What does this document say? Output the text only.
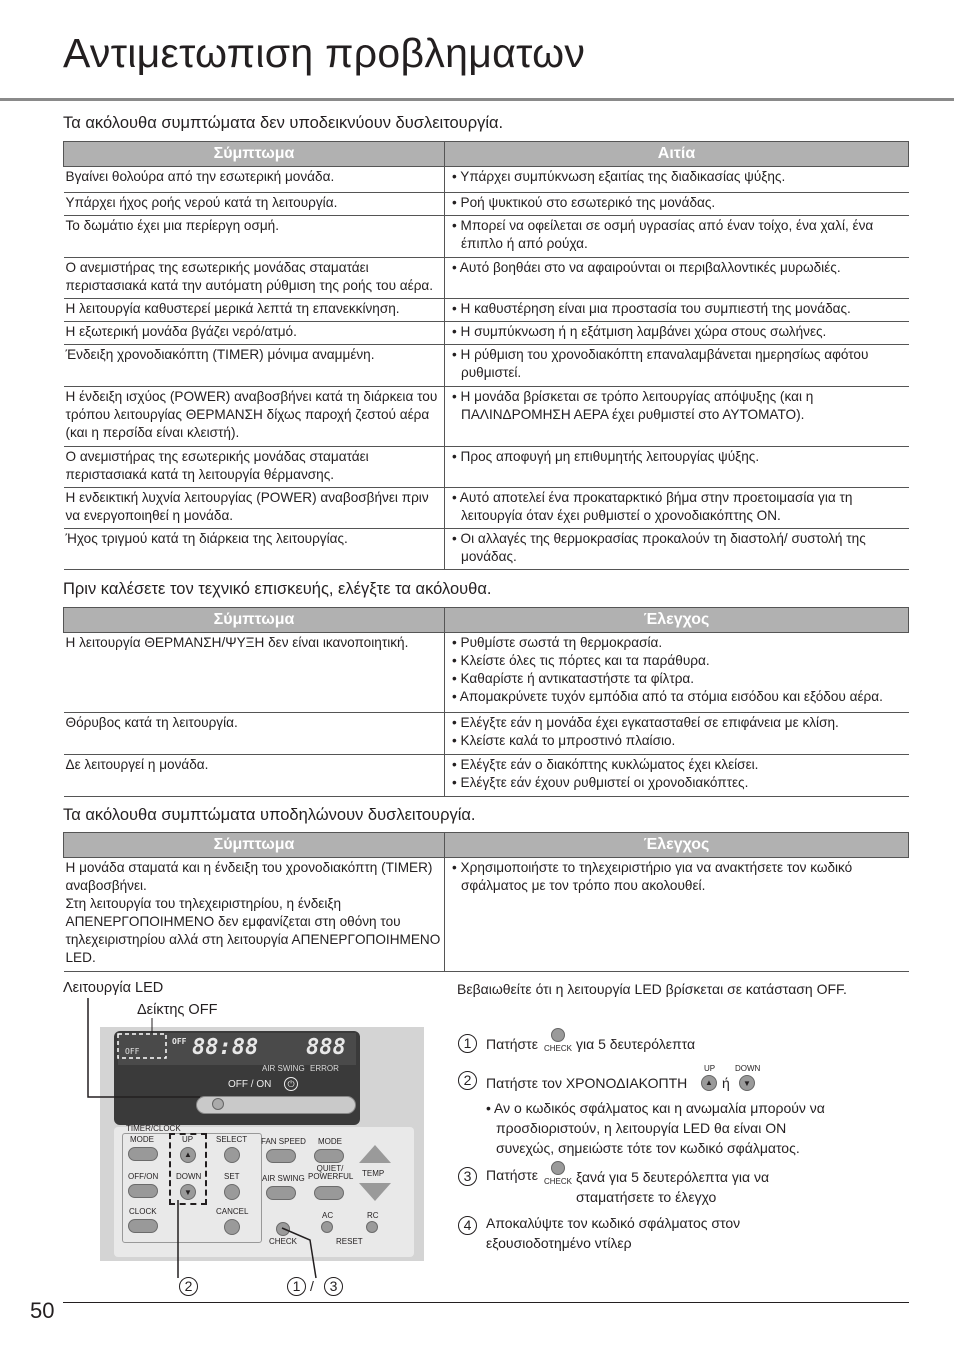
Αντιμετωπιση προβληματων
Τα ακόλουθα συμπτώματα δεν υποδεικνύουν δυσλειτουργία.
Σύμπτωμα	Αιτία
Βγαίνει θολούρα από την εσωτερική μονάδα.	• Υπάρχει συμπύκνωση εξαιτίας της διαδικασίας ψύξης.

Υπάρχει ήχος ροής νερού κατά τη λειτουργία.	• Ροή ψυκτικού στο εσωτερικό της μονάδας.

Το δωμάτιο έχει μια περίεργη οσμή.	• Μπορεί να οφείλεται σε οσμή υγρασίας από έναν τοίχο, ένα χαλί, ένα έπιπλο ή από ρούχα.

Ο ανεμιστήρας της εσωτερικής μονάδας σταματάει περιστασιακά κατά την αυτόματη ρύθμιση της ροής του αέρα.	• Αυτό βοηθάει στο να αφαιρούνται οι περιβαλλοντικές μυρωδιές.

Η λειτουργία καθυστερεί μερικά λεπτά τη επανεκκίνηση.	• Η καθυστέρηση είναι μια προστασία του συμπιεστή της μονάδας.

Η εξωτερική μονάδα βγάζει νερό/ατμό.	• Η συμπύκνωση ή η εξάτμιση λαμβάνει χώρα στους σωλήνες.

Ένδειξη χρονοδιακόπτη (TIMER) μόνιμα αναμμένη.	• Η ρύθμιση του χρονοδιακόπτη επαναλαμβάνεται ημερησίως αφότου ρυθμιστεί.

Η ένδειξη ισχύος (POWER) αναβοσβήνει κατά τη διάρκεια του τρόπου λειτουργίας ΘΕΡΜΑΝΣΗ δίχως παροχή ζεστού αέρα (και η περσίδα είναι κλειστή).	• Η μονάδα βρίσκεται σε τρόπο λειτουργίας απόψυξης (και η ΠΑΛΙΝΔΡΟΜΗΣΗ ΑΕΡΑ έχει ρυθμιστεί στο ΑΥΤΟΜΑΤΟ).

Ο ανεμιστήρας της εσωτερικής μονάδας σταματάει περιστασιακά κατά τη λειτουργία θέρμανσης.	• Προς αποφυγή μη επιθυμητής λειτουργίας ψύξης.

Η ενδεικτική λυχνία λειτουργίας (POWER) αναβοσβήνει πριν να ενεργοποιηθεί η μονάδα.	• Αυτό αποτελεί ένα προκαταρκτικό βήμα στην προετοιμασία για τη λειτουργία όταν έχει ρυθμιστεί ο χρονοδιακόπτης ON.

Ήχος τριγμού κατά τη διάρκεια της λειτουργίας.	• Οι αλλαγές της θερμοκρασίας προκαλούν τη διαστολή/ συστολή της μονάδας.
Πριν καλέσετε τον τεχνικό επισκευής, ελέγξτε τα ακόλουθα.
Σύμπτωμα	Έλεγχος
Η λειτουργία ΘΕΡΜΑΝΣΗ/ΨΥΞΗ δεν είναι ικανοποιητική.	• Ρυθμίστε σωστά τη θερμοκρασία.
• Κλείστε όλες τις πόρτες και τα παράθυρα.
• Καθαρίστε ή αντικαταστήστε τα φίλτρα.
• Απομακρύνετε τυχόν εμπόδια από τα στόμια εισόδου και εξόδου αέρα.

Θόρυβος κατά τη λειτουργία.	• Ελέγξτε εάν η μονάδα έχει εγκατασταθεί σε επιφάνεια με κλίση.
• Κλείστε καλά το μπροστινό πλαίσιο.

Δε λειτουργεί η μονάδα.	• Ελέγξτε εάν ο διακόπτης κυκλώματος έχει κλείσει.
• Ελέγξτε εάν έχουν ρυθμιστεί οι χρονοδιακόπτες.
Τα ακόλουθα συμπτώματα υποδηλώνουν δυσλειτουργία.
Σύμπτωμα	Έλεγχος
Η μονάδα σταματά και η ένδειξη του χρονοδιακόπτη (TIMER) αναβοσβήνει.
Στη λειτουργία του τηλεχειριστηρίου, η ένδειξη ΑΠΕΝΕΡΓΟΠΟΙΗΜΕΝΟ δεν εμφανίζεται στη οθόνη του τηλεχειριστηρίου αλλά στη λειτουργία ΑΠΕΝΕΡΓΟΠΟΙΗΜΕΝΟ LED.	• Χρησιμοποιήστε το τηλεχειριστήριο για να ανακτήσετε τον κωδικό σφάλματος με τον τρόπο που ακολουθεί.
Λειτουργία LED
Δείκτης OFF
OFF
OFF 88:88 888
AIR SWING ERROR
OFF / ON	⏻
TIMER/CLOCK
MODE	UP
▲
SELECT
OFF/ON DOWN
▼
SET
CLOCK	CANCEL
FAN SPEED MODE
AIR SWING
QUIET/ POWERFUL TEMP
AC	RC
CHECK	RESET
2	1 /	3
Βεβαιωθείτε ότι η λειτουργία LED βρίσκεται σε κατάσταση OFF.
1	Πατήστε CHECK για 5 δευτερόλεπτα
2	Πατήστε τον ΧΡΟΝΟΔΙΑΚΟΠΤΗ
UP
▲ ή
DOWN
▼
• Αν ο κωδικός σφάλματος και η ανωμαλία μπορούν να προσδιοριστούν, η λειτουργία LED θα είναι ON συνεχώς, σημειώστε τότε τον κωδικό σφάλματος.
3	Πατήστε CHECK ξανά για 5 δευτερόλεπτα για να σταματήσετε το έλεγχο
4	Αποκαλύψτε τον κωδικό σφάλματος στον εξουσιοδοτημένο ντίλερ
50
